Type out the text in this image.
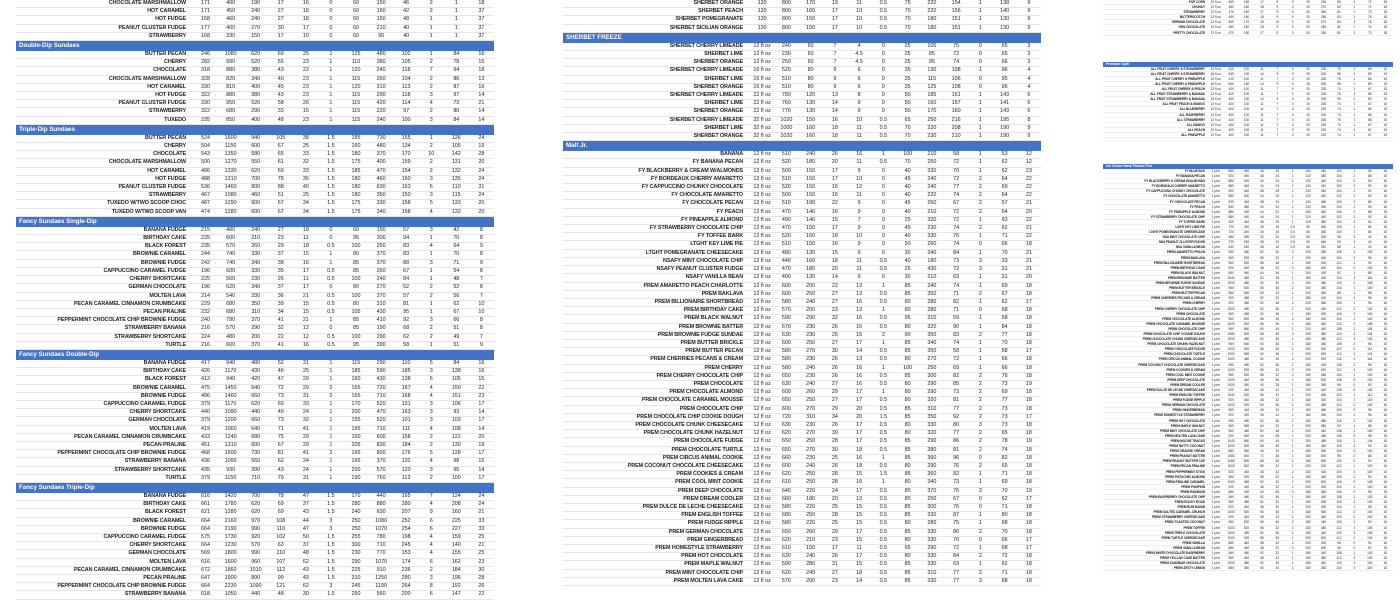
CHOCOLATE MARSHMALLOW	171	400	190	17	16	0	60	150	46	2	1	18
HOT CARAMEL	171	450	240	27	18	0	60	160	42	2	1	37
HOT FUDGE	168	460	240	27	18	0	60	150	48	1	1	37
PEANUT CLUSTER FUDGE	177	400	270	30	17	0	60	210	40	1	1	37
STRAWBERRY	168	330	150	17	10	0	60	90	40	1	1	37
Double-Dip Sundaes												
BUTTER PECAN	246	1080	620	69	25	1	125	480	102	1	84	16
CHERRY	282	990	520	55	23	1	110	380	105	2	78	15
CHOCOLATE	318	880	380	43	22	1	120	240	118	7	94	18
CHOCOLATE MARSHMALLOW	328	820	340	40	23	1	115	260	104	2	86	13
HOT CARAMEL	330	810	400	45	23	1	120	310	113	2	87	16
HOT FUDGE	322	880	380	43	23	1	115	290	118	3	97	14
PEANUT CLUSTER FUDGE	330	950	520	58	26	1	115	420	114	4	73	21
STRAWBERRY	322	680	290	33	15	1	115	220	97	2	80	14
TUXEDO	335	850	400	48	23	1	115	240	100	3	84	14
Triple-Dip Sundaes												
BUTTER PECAN	524	1600	940	105	38	1.5	185	730	155	1	126	24
CHERRY	504	1150	600	67	25	1.5	160	480	134	2	105	19
CHOCOLATE	543	1350	580	65	33	1.5	180	370	170	10	142	28
CHOCOLATE MARSHMALLOW	500	1270	550	61	32	1.5	175	400	159	2	131	20
HOT CARAMEL	486	1330	620	69	33	1.5	185	470	154	2	132	24
HOT FUDGE	488	1310	700	78	36	1.5	180	460	160	3	135	24
PEANUT CLUSTER FUDGE	536	1460	800	88	40	1.5	180	630	163	6	110	31
STRAWBERRY	467	1080	460	51	25	1.5	180	350	150	3	115	24
TUXEDO W/TWO SCOOP CHOC	487	1290	600	67	34	1.5	175	330	158	5	133	20
TUXEDO W/TWO SCOOP VAN	474	1280	600	67	34	1.5	175	340	158	4	132	20
Fancy Sundaes Single-Dip												
BANANA FUDGE	215	480	240	27	18	0	60	150	57	3	42	8
BIRTHDAY CAKE	225	600	210	23	11	0	95	300	94	1	70	8
BLACK FOREST	235	570	260	29	18	0.5	100	250	83	4	64	9
BROWNIE CARAMEL	244	740	330	37	15	1	80	370	83	1	70	8
BROWNIE FUDGE	242	740	340	38	16	1	85	370	88	3	71	9
CAPPUCCINO CARAMEL FUDGE	196	600	330	35	17	0.5	85	260	67	1	54	8
CHERRY SHORTCAKE	225	560	230	26	11	0.5	100	240	84	1	48	7
GERMAN CHOCOLATE	196	620	340	37	17	0	80	270	52	2	52	8
MOLTEN LAVA	214	540	330	36	21	0.5	100	370	57	2	56	7
PECAN CARAMEL CINNAMON CRUMBCAKE	229	680	350	39	15	0.5	80	310	81	1	62	10
PECAN PRALINE	232	680	310	34	15	0.5	105	430	95	1	67	10
PEPPERMINT CHOCOLATE CHIP BROWNIE FUDGE	240	790	370	41	21	1	85	410	92	3	66	8
STRAWBERRY BANANA	216	570	290	32	12	0	85	190	68	2	51	8
STRAWBERRY SHORTCAKE	224	480	200	22	12	0.5	100	290	62	2	49	7
TURTLE	216	600	370	41	16	0.5	95	390	58	1	51	9
Fancy Sundaes Double-Dip												
BANANA FUDGE	417	940	480	52	31	1	115	290	110	5	84	16
BIRTHDAY CAKE	426	1170	430	46	25	1	185	590	185	3	138	16
BLACK FOREST	412	940	420	47	29	1	160	430	138	6	105	15
BROWNIE CARAMEL	475	1450	640	72	29	2	165	720	167	4	150	22
BROWNIE FUDGE	486	1460	660	73	31	2	165	710	168	4	151	23
CAPPUCCINO CARAMEL FUDGE	379	1170	620	69	33	1	170	520	131	3	106	17
CHERRY SHORTCAKE	440	1090	440	49	24	1	200	470	163	3	93	14
GERMAN CHOCOLATE	379	1200	660	73	32	1	155	520	101	3	103	17
MOLTEN LAVA	419	1060	640	71	41	1	195	710	111	4	108	14
PECAN CARAMEL CINNAMON CRUMBCAKE	433	1240	680	75	29	1	150	600	158	2	122	20
PECAN PRALINE	451	1310	600	67	29	1	205	830	184	2	130	19
PEPPERMINT CHOCOLATE CHIP BROWNIE FUDGE	468	1500	730	81	41	2	165	800	176	5	128	17
STRAWBERRY BANANA	436	1090	560	62	24	1	165	370	132	4	98	15
STRAWBERRY SHORTCAKE	435	930	390	43	24	1	200	570	120	3	95	14
TURTLE	379	1150	710	79	31	1	190	760	113	2	100	17
Fancy Sundaes Triple-Dip												
BANANA FUDGE	616	1420	700	78	47	1.5	170	440	165	7	124	24
BIRTHDAY CAKE	661	1780	620	69	37	1.5	280	880	280	4	208	24
BLACK FOREST	621	1280	620	69	43	1.5	240	630	207	9	160	21
BROWNIE CARAMEL	664	2160	970	108	44	3	250	1080	252	6	225	33
BROWNIE FUDGE	664	2190	990	110	47	3	250	1070	254	6	227	33
CAPPUCCINO CARAMEL FUDGE	575	1730	920	102	50	1.5	255	780	198	4	159	25
CHERRY SHORTCAKE	664	1230	570	63	37	1.5	300	710	245	4	140	21
GERMAN CHOCOLATE	569	1800	990	110	48	1.5	230	770	153	4	155	25
MOLTEN LAVA	616	1600	960	107	62	1.5	290	1070	174	6	162	23
PECAN CARAMEL CINNAMON CRUMBCAKE	672	1860	1010	112	43	1.5	225	910	236	2	184	30
PECAN PRALINE	647	1900	890	99	43	1.5	310	1250	280	3	196	28
PEPPERMINT CHOCOLATE CHIP BROWNIE FUDGE	664	2230	1090	121	62	3	245	1190	264	8	192	26
STRAWBERRY BANANA	618	1050	440	48	30	1.5	250	560	200	6	147	22
SHERBET ORANGE	130	800	170	19	11	0.5	75	220	154	1	138	9
SHERBET PEACH	130	800	160	17	10	0.5	70	220	156	1	140	9
SHERBET POMEGRANATE	130	800	150	17	10	0.5	70	180	151	1	130	9
SHERBET SICILIAN ORANGE	130	800	150	17	10	0.5	70	180	151	1	130	9
SHERBET FREEZE												
SHERBET CHERRY LIMEADE	12 fl oz	240	60	7	4	0	25	105	75	0	65	3
SHERBET LIME	12 fl oz	230	60	7	4.5	0	25	85	72	0	65	3
SHERBET ORANGE	12 fl oz	250	60	7	4.5	0	25	95	74	0	66	3
SHERBET CHERRY LIMEADE	16 fl oz	520	80	9	6	0	35	130	108	1	96	4
SHERBET LIME	16 fl oz	510	80	9	6	0	35	115	106	0	95	4
SHERBET ORANGE	16 fl oz	510	80	9	6	0	35	125	108	0	96	4
SHERBET CHERRY LIMEADE	22 fl oz	780	120	13	8	0	50	185	161	1	143	6
SHERBET LIME	22 fl oz	760	130	14	9	0	50	160	157	1	141	6
SHERBET ORANGE	22 fl oz	770	130	14	9	0	50	170	160	1	143	6
SHERBET CHERRY LIMEADE	32 fl oz	1020	150	16	10	0.5	65	250	216	1	195	8
SHERBET LIME	32 fl oz	1000	160	18	11	0.5	70	220	208	1	190	9
SHERBET ORANGE	32 fl oz	1020	160	18	11	0.5	70	230	210	1	190	9
Malt Jr.												
BANANA	12 fl oz	510	240	26	16	1	100	210	58	1	53	12
FY BANANA PECAN	12 fl oz	520	180	20	11	0.5	70	250	72	1	62	12
FY BLACKBERRY & CREAM W/ALMONDS	12 fl oz	500	150	17	9	0	40	330	70	1	62	23
FY BORDEAUX CHERRY AMARETTO	12 fl oz	510	150	17	10	0	45	240	72	2	64	22
FY CAPPUCCINO CHUNKY CHOCOLATE	12 fl oz	520	150	16	12	0	40	240	77	2	69	22
FY CHOCOLATE AMARETTO	12 fl oz	500	150	16	11	0	40	220	74	2	64	22
FY CHOCOLATE PECAN	12 fl oz	510	190	22	9	0	45	260	67	2	57	21
FY PEACH	12 fl oz	470	140	16	9	0	40	210	72	2	64	20
FY PINEAPPLE ALMOND	12 fl oz	490	140	15	7	0	25	320	72	1	63	22
FY STRAWBERRY CHOCOLATE CHIP	12 fl oz	470	150	17	9	0	45	230	74	2	62	21
FY TOFFEE BARK	12 fl oz	520	160	18	10	0	40	330	76	1	71	22
LTGHT KEY LIME PIE	12 fl oz	510	150	16	9	0	50	260	74	0	66	18
LTGHT POMEGRANATE CHEESECAKE	12 fl oz	480	130	15	9	0	30	240	84	1	70	21
NSAFY MINT CHOCOLATE CHIP	12 fl oz	440	160	18	11	0.5	40	180	73	3	33	21
NSAFY PEANUT CLUSTER FUDGE	12 fl oz	470	180	20	11	0.5	25	430	72	3	31	21
NSAFY VANILLA BEAN	12 fl oz	400	130	14	9	0	30	210	63	1	31	20
PREM AMARETTO PEACH CHARLOTTE	12 fl oz	600	200	22	13	1	85	240	74	1	69	18
PREM BAKLAVA	12 fl oz	600	250	27	13	0.5	85	350	71	2	67	18
PREM BILLIONAIRE SHORTBREAD	12 fl oz	580	240	27	16	0.5	80	280	82	1	62	17
PREM BIRTHDAY CAKE	12 fl oz	570	200	23	13	1	80	280	71	0	68	18
PREM BLACK WALNUT	12 fl oz	590	290	32	16	0.5	95	310	59	1	58	18
PREM BROWNIE BATTER	12 fl oz	670	230	26	16	0.5	80	320	90	1	84	18
PREM BROWNIE FUDGE SUNDAE	12 fl oz	630	230	25	15	2	90	350	83	2	77	18
PREM BUTTER BRICKLE	12 fl oz	600	250	27	17	1	85	340	74	1	70	18
PREM BUTTER PECAN	12 fl oz	580	270	30	14	0.5	85	350	58	1	58	17
PREM CHERRIES PECANS & CREAM	12 fl oz	580	230	26	13	0.5	80	270	72	1	66	18
PREM CHERRY	12 fl oz	580	240	26	16	1	100	250	69	1	66	18
PREM CHERRY CHOCOLATE CHIP	12 fl oz	650	230	26	16	0.5	85	300	82	2	76	18
PREM CHOCOLATE	12 fl oz	630	240	27	16	0.5	80	290	85	2	73	19
PREM CHOCOLATE ALMOND	12 fl oz	600	260	29	17	1	80	290	73	2	69	18
PREM CHOCOLATE CARAMEL MOUSSE	12 fl oz	650	250	27	17	0.5	80	320	81	2	77	18
PREM CHOCOLATE CHIP	12 fl oz	600	270	29	20	0.5	85	310	77	2	73	18
PREM CHOCOLATE CHIP COOKIE DOUGH	12 fl oz	720	310	34	20	1.5	85	350	92	2	73	17
PREM CHOCOLATE CHUNK CHEESECAKE	12 fl oz	630	230	26	17	0.5	80	330	80	3	73	18
PREM CHOCOLATE CHUNK HAZELNUT	12 fl oz	620	270	30	17	0.5	80	320	77	2	65	18
PREM CHOCOLATE FUDGE	12 fl oz	650	250	28	17	0.5	85	290	86	2	78	19
PREM CHOCOLATE TURTLE	12 fl oz	650	270	30	18	0.5	85	380	81	2	74	18
PREM CIRCUS ANIMAL COOKIE	12 fl oz	660	230	25	16	1	85	360	96	0	82	18
PREM COCONUT CHOCOLATE CHEESECAKE	12 fl oz	600	240	26	18	0.5	80	290	76	2	65	18
PREM COOKIES & CREAM	12 fl oz	620	250	28	15	1.5	85	360	82	1	71	18
PREM COOL MINT COOKIE	12 fl oz	610	250	28	16	1	80	340	73	1	69	18
PREM DEEP CHOCOLATE	12 fl oz	640	220	24	17	0.5	80	370	76	3	70	19
PREM DREAM COOLER	12 fl oz	660	180	20	13	0.5	80	250	67	0	62	17
PREM DULCE DE LECHE CHEESECAKE	12 fl oz	580	220	25	15	0.5	85	300	76	0	71	18
PREM ENGLISH TOFFEE	12 fl oz	680	250	28	15	0.5	85	330	87	1	80	18
PREM FUDGE RIPPLE	12 fl oz	580	220	25	15	0.5	80	280	75	1	68	18
PREM GERMAN CHOCOLATE	12 fl oz	650	260	29	17	0.5	85	330	80	2	70	18
PREM GINGERBREAD	12 fl oz	620	210	23	15	0.5	80	330	70	0	66	17
PREM HOMESTYLE STRAWBERRY	12 fl oz	610	150	17	11	0.5	65	290	72	1	68	17
PREM HOT CHOCOLATE	12 fl oz	630	240	26	17	0.5	80	330	84	2	72	18
PREM MAPLE WALNUT	12 fl oz	590	280	31	15	0.5	85	330	63	1	62	18
PREM MINT CHOCOLATE CHIP	12 fl oz	620	240	27	18	0.5	85	310	77	2	71	18
PREM MOLTEN LAVA CAKE	12 fl oz	570	200	23	14	0.5	85	330	77	3	68	18
POP CORN	12 fl oz	460	150	17	8	0	20	260	80	1	72	18
CHUNKY	12 fl oz	480	160	18	9	0	20	270	82	1	74	18
STRAWBERRY	12 fl oz	470	150	17	9	0	20	260	81	1	73	18
BUTTERSCOTCH	12 fl oz	490	160	18	9	0	20	280	83	1	75	18
GERMAN CHOCOLATE	12 fl oz	500	170	19	10	0	20	270	84	1	76	18
GEN CHOCOLATE	12 fl oz	480	160	18	9	0	20	280	82	1	74	18
PRETTY CHOCOLATE	12 fl oz	470	150	17	9	0	20	260	81	1	73	18

Premium Split												
ALL FRUIT CHERRY & STRAWBERRY	12 fl oz	410	100	11	7	0	20	230	75	1	68	15
ALL FRUIT CHERRY & STRAWBERRY	16 fl oz	540	130	14	9	0	25	300	98	1	89	19
ALL FRUIT CHERRY & PINEAPPLE	12 fl oz	410	100	11	7	0	20	230	75	1	68	15
ALL FRUIT CHERRY & PINEAPPLE	16 fl oz	540	130	14	9	0	25	300	98	1	89	19
ALL FRUIT CHERRY & PEACH	12 fl oz	400	100	11	7	0	20	230	74	1	67	15
ALL FRUIT STRAWBERRY & BANANA	12 fl oz	410	100	11	7	0	20	230	76	1	68	15
ALL FRUIT STRAWBERRY & BANANA	16 fl oz	540	130	14	9	0	25	300	99	2	89	19
ALL FRUIT PEACH & MANGO	12 fl oz	400	100	11	7	0	20	230	74	1	67	15
ALL BLUEBERRY	12 fl oz	400	100	11	7	0	20	220	74	1	66	15
ALL RASPBERRY	12 fl oz	400	100	11	7	0	20	220	74	1	66	15
ALL STRAWBERRY	12 fl oz	410	100	11	7	0	20	230	75	1	68	15
ALL MANGO	12 fl oz	400	100	11	7	0	20	220	74	1	67	15
ALL PEACH	12 fl oz	400	100	11	7	0	20	220	74	1	67	15
ALL PINEAPPLE	12 fl oz	400	100	11	7	0	20	220	74	1	67	15

Ice Cream Hand Packed Pint												
FY BLUE BOX	1 pint	880	400	44	28	1	160	440	100	1	96	16
FY BANANA PECAN	1 pint	920	440	48	24	1	120	480	104	2	88	16
FY BLACKBERRY & CREAM W/ALMONDS	1 pint	880	400	44	24	1	120	440	102	2	90	16
FY BORDEAUX CHERRY AMARETTO	1 pint	880	400	44	24	1	120	440	102	2	90	16
FY CAPPUCCINO CHUNKY CHOCOLATE	1 pint	920	440	48	28	1	120	440	104	2	92	16
FY CHOCOLATE AMARETTO	1 pint	880	400	44	26	1	120	440	102	2	90	16
FY CHOCOLATE PECAN	1 pint	920	440	48	24	1	120	480	100	2	86	16
FY PEACH	1 pint	840	360	40	24	1	120	400	100	2	90	16
FY PINEAPPLE ALMOND	1 pint	880	400	44	22	1	100	440	100	2	88	16
FY STRAWBERRY CHOCOLATE CHIP	1 pint	880	400	44	24	1	120	440	102	2	90	16
FY TOFFEE BARK	1 pint	920	440	48	26	1	120	480	104	1	94	16
LIGHT KEY LIME PIE	1 pint	720	240	28	16	0.5	80	360	100	1	84	16
LIGHT POMEGRANATE CHEESECAKE	1 pint	720	240	28	16	0.5	80	360	100	1	84	16
NSA MINT CHOCOLATE CHIP	1 pint	680	280	32	20	0.5	80	320	96	3	44	16
NSA PEANUT CLUSTER FUDGE	1 pint	720	320	36	20	0.5	60	440	96	3	44	16
NSA VANILLA BEAN	1 pint	640	240	28	16	0.5	60	320	88	1	40	16
PREM AMARETTO PEACH	1 pint	960	480	52	32	2	200	360	108	1	100	16
PREM BAKLAVA	1 pint	960	520	56	32	1	200	440	104	2	96	16
PREM BILLIONAIRE SHORTBREAD	1 pint	960	520	56	36	1	180	400	112	1	92	16
PREM BIRTHDAY CAKE	1 pint	920	440	48	32	2	180	400	104	0	100	16
PREM BLACK WALNUT	1 pint	960	560	64	36	1	200	400	92	1	88	16
PREM BROWNIE BATTER	1 pint	1040	480	52	36	1	180	440	124	1	116	16
PREM BROWNIE FUDGE SUNDAE	1 pint	1000	480	52	32	2	200	480	116	2	108	16
PREM BUTTER BRICKLE	1 pint	960	520	56	36	2	200	480	104	1	100	16
PREM BUTTER PECAN	1 pint	960	560	60	32	1	200	480	88	1	88	16
PREM CHERRIES PECANS & CREAM	1 pint	920	480	52	32	1	180	400	104	1	96	16
PREM CHERRY	1 pint	920	480	52	36	2	220	360	100	1	96	16
PREM CHERRY CHOCOLATE CHIP	1 pint	1000	480	52	36	1	200	440	112	2	104	16
PREM CHOCOLATE	1 pint	960	480	52	36	1	180	400	116	2	104	16
PREM CHOCOLATE ALMOND	1 pint	960	520	56	36	2	180	400	104	2	100	16
PREM CHOCOLATE CARAMEL MOUSSE	1 pint	1000	520	56	36	1	180	440	112	2	108	16
PREM CHOCOLATE CHIP	1 pint	960	560	60	40	1	200	440	108	2	104	16
PREM CHOCOLATE CHIP COOKIE DOUGH	1 pint	1080	600	68	40	3	200	480	124	2	104	16
PREM CHOCOLATE CHUNK CHEESECAKE	1 pint	1000	480	52	36	1	180	480	112	3	104	16
PREM CHOCOLATE CHUNK HAZELNUT	1 pint	960	560	60	36	1	180	440	108	2	96	16
PREM CHOCOLATE FUDGE	1 pint	1000	520	56	36	1	200	400	120	2	112	16
PREM CHOCOLATE TURTLE	1 pint	1000	560	60	36	1	200	520	112	2	104	16
PREM CIRCUS ANIMAL COOKIE	1 pint	1000	480	52	36	2	200	520	132	0	116	16
PREM COCONUT CHOCOLATE CHEESECAKE	1 pint	960	480	52	36	1	180	400	108	2	96	16
PREM COOKIES & CREAM	1 pint	1000	520	56	32	3	200	520	112	1	100	16
PREM COOL MINT COOKIE	1 pint	960	520	56	32	2	180	480	104	1	100	16
PREM DEEP CHOCOLATE	1 pint	1000	440	48	36	1	180	520	108	3	100	16
PREM DREAM COOLER	1 pint	1000	360	40	28	1	180	360	96	0	92	16
PREM DULCE DE LECHE CHEESECAKE	1 pint	920	440	48	32	1	200	440	108	0	104	16
PREM ENGLISH TOFFEE	1 pint	1040	520	56	32	1	200	480	120	1	112	16
PREM FUDGE RIPPLE	1 pint	920	440	48	32	1	180	400	104	1	100	16
PREM GERMAN CHOCOLATE	1 pint	1000	520	60	36	1	200	480	112	2	100	16
PREM GINGERBREAD	1 pint	960	440	48	32	1	180	480	100	0	96	16
PREM HOMESTYLE STRAWBERRY	1 pint	920	320	36	24	1	160	400	100	1	96	16
PREM HOT CHOCOLATE	1 pint	960	480	52	36	1	180	480	116	2	104	16
PREM MAPLE WALNUT	1 pint	960	560	64	32	1	200	480	92	1	88	16
PREM MINT CHOCOLATE CHIP	1 pint	960	480	52	36	1	200	440	108	2	100	16
PREM MOLTEN LAVA CAKE	1 pint	920	400	44	28	1	200	480	108	3	96	16
PREM MOOSE TRACKS	1 pint	1040	560	60	40	1	200	480	116	2	104	16
PREM NUTTY COCONUT	1 pint	1000	600	68	40	1	180	440	100	2	92	16
PREM ORANGE CREAM	1 pint	880	360	40	24	1	180	360	104	0	100	16
PREM PEANUT BUTTER	1 pint	1080	640	72	36	1	180	600	96	2	88	16
PREM PEANUT BUTTER CUP	1 pint	1080	600	68	36	1	180	560	100	2	92	16
PREM PECAN PRALINE	1 pint	1000	520	56	32	1	200	520	112	1	100	16
PREM PEPPERMINT STICK	1 pint	920	440	48	32	2	200	400	104	0	100	16
PREM PISTACHIO ALMOND	1 pint	960	520	56	32	1	180	440	100	1	92	16
PREM PRALINE CARAMEL	1 pint	1000	480	52	32	1	200	520	116	0	108	16
PREM PUMPKIN	1 pint	920	440	48	32	1	200	400	104	1	100	16
PREM RAINBOW	1 pint	880	400	44	28	2	180	360	100	0	96	16
PREM RASPBERRY CHOCOLATE CHIP	1 pint	960	480	52	36	1	180	440	108	2	100	16
PREM ROCKY ROAD	1 pint	960	480	52	32	1	180	400	116	2	104	16
PREM RUM RAISIN	1 pint	920	440	48	32	1	200	400	104	1	96	16
PREM SALTED CARAMEL CRUNCH	1 pint	1000	520	56	36	1	180	560	112	0	104	16
PREM STRAWBERRY CHEESECAKE	1 pint	920	440	48	32	1	200	440	104	0	100	16
PREM TOASTED COCONUT	1 pint	960	520	56	40	2	180	440	100	1	92	16
PREM TOFFEE	1 pint	1000	520	56	32	1	200	480	112	1	104	16
PREM TRIPLE CHOCOLATE	1 pint	1000	480	52	36	1	180	440	120	3	108	16
PREM TURTLE CHEESECAKE	1 pint	1000	520	56	36	1	200	520	112	1	104	16
PREM VANILLA	1 pint	880	440	48	32	2	200	400	96	0	92	16
PREM VANILLA BEAN	1 pint	880	440	48	32	2	200	400	96	0	92	16
PREM WHITE CHOCOLATE RASPBERRY	1 pint	960	480	52	32	1	180	440	108	1	100	16
PREM YELLOW CAKE BATTER	1 pint	960	440	48	32	1	180	480	112	0	104	16
PREM ZANZIBAR CHOCOLATE	1 pint	1000	480	52	36	1	180	440	116	3	104	16
PREM ZESTY LEMON	1 pint	880	360	40	24	1	160	360	104	0	100	16
